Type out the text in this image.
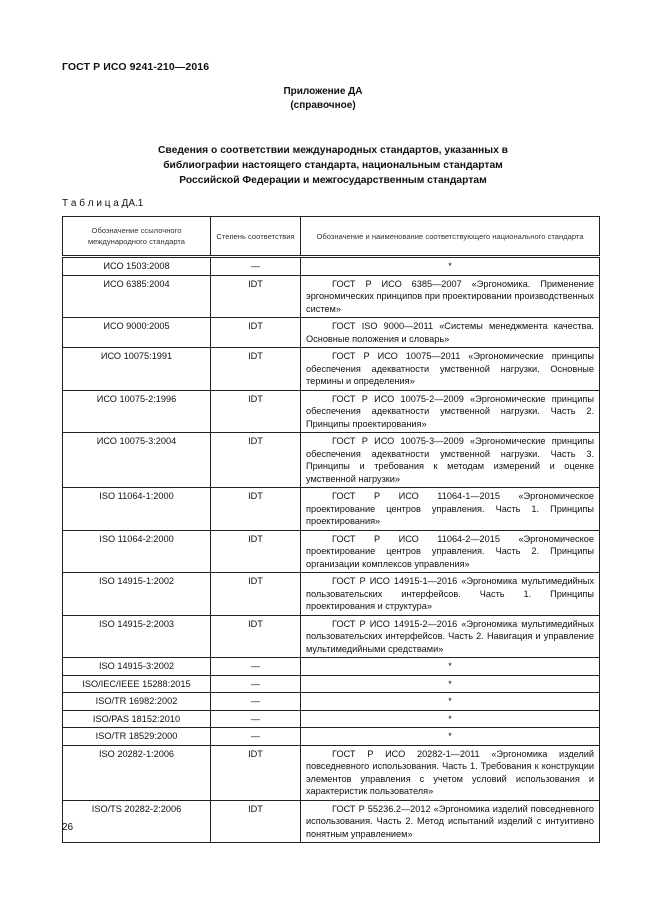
ГОСТ Р ИСО 9241-210—2016
Приложение ДА
(справочное)
Сведения о соответствии международных стандартов, указанных в
библиографии настоящего стандарта, национальным стандартам
Российской Федерации и межгосударственным стандартам
Т а б л и ц а ДА.1
Обозначение ссылочного международного стандарта	Степень соответствия	Обозначение и наименование соответствующего национального стандарта
ИСО 1503:2008	—	*
ИСО 6385:2004	IDT	ГОСТ Р ИСО 6385—2007 «Эргономика. Применение эргономических принципов при проектировании производственных систем»
ИСО 9000:2005	IDT	ГОСТ ISO 9000—2011 «Системы менеджмента качества. Основные положения и словарь»
ИСО 10075:1991	IDT	ГОСТ Р ИСО 10075—2011 «Эргономические принципы обеспечения адекватности умственной нагрузки. Основные термины и определения»
ИСО 10075-2:1996	IDT	ГОСТ Р ИСО 10075-2—2009 «Эргономические принципы обеспечения адекватности умственной нагрузки. Часть 2. Принципы проектирования»
ИСО 10075-3:2004	IDT	ГОСТ Р ИСО 10075-3—2009 «Эргономические принципы обеспечения адекватности умственной нагрузки. Часть 3. Принципы и требования к методам измерений и оценке умственной нагрузки»
ISO 11064-1:2000	IDT	ГОСТ Р ИСО 11064-1—2015 «Эргономическое проектирование центров управления. Часть 1. Принципы проектирования»
ISO 11064-2:2000	IDT	ГОСТ Р ИСО 11064-2—2015 «Эргономическое проектирование центров управления. Часть 2. Принципы организации комплексов управления»
ISO 14915-1:2002	IDT	ГОСТ Р ИСО 14915-1—2016 «Эргономика мультимедийных пользовательских интерфейсов. Часть 1. Принципы проектирования и структура»
ISO 14915-2:2003	IDT	ГОСТ Р ИСО 14915-2—2016 «Эргономика мультимедийных пользовательских интерфейсов. Часть 2. Навигация и управление мультимедийными средствами»
ISO 14915-3:2002	—	*
ISO/IEC/IEEE 15288:2015	—	*
ISO/TR 16982:2002	—	*
ISO/PAS 18152:2010	—	*
ISO/TR 18529:2000	—	*
ISO 20282-1:2006	IDT	ГОСТ Р ИСО 20282-1—2011 «Эргономика изделий повседневного использования. Часть 1. Требования к конструкции элементов управления с учетом условий использования и характеристик пользователя»
ISO/TS 20282-2:2006	IDT	ГОСТ Р 55236.2—2012 «Эргономика изделий повседневного использования. Часть 2. Метод испытаний изделий с интуитивно понятным управлением»
26
